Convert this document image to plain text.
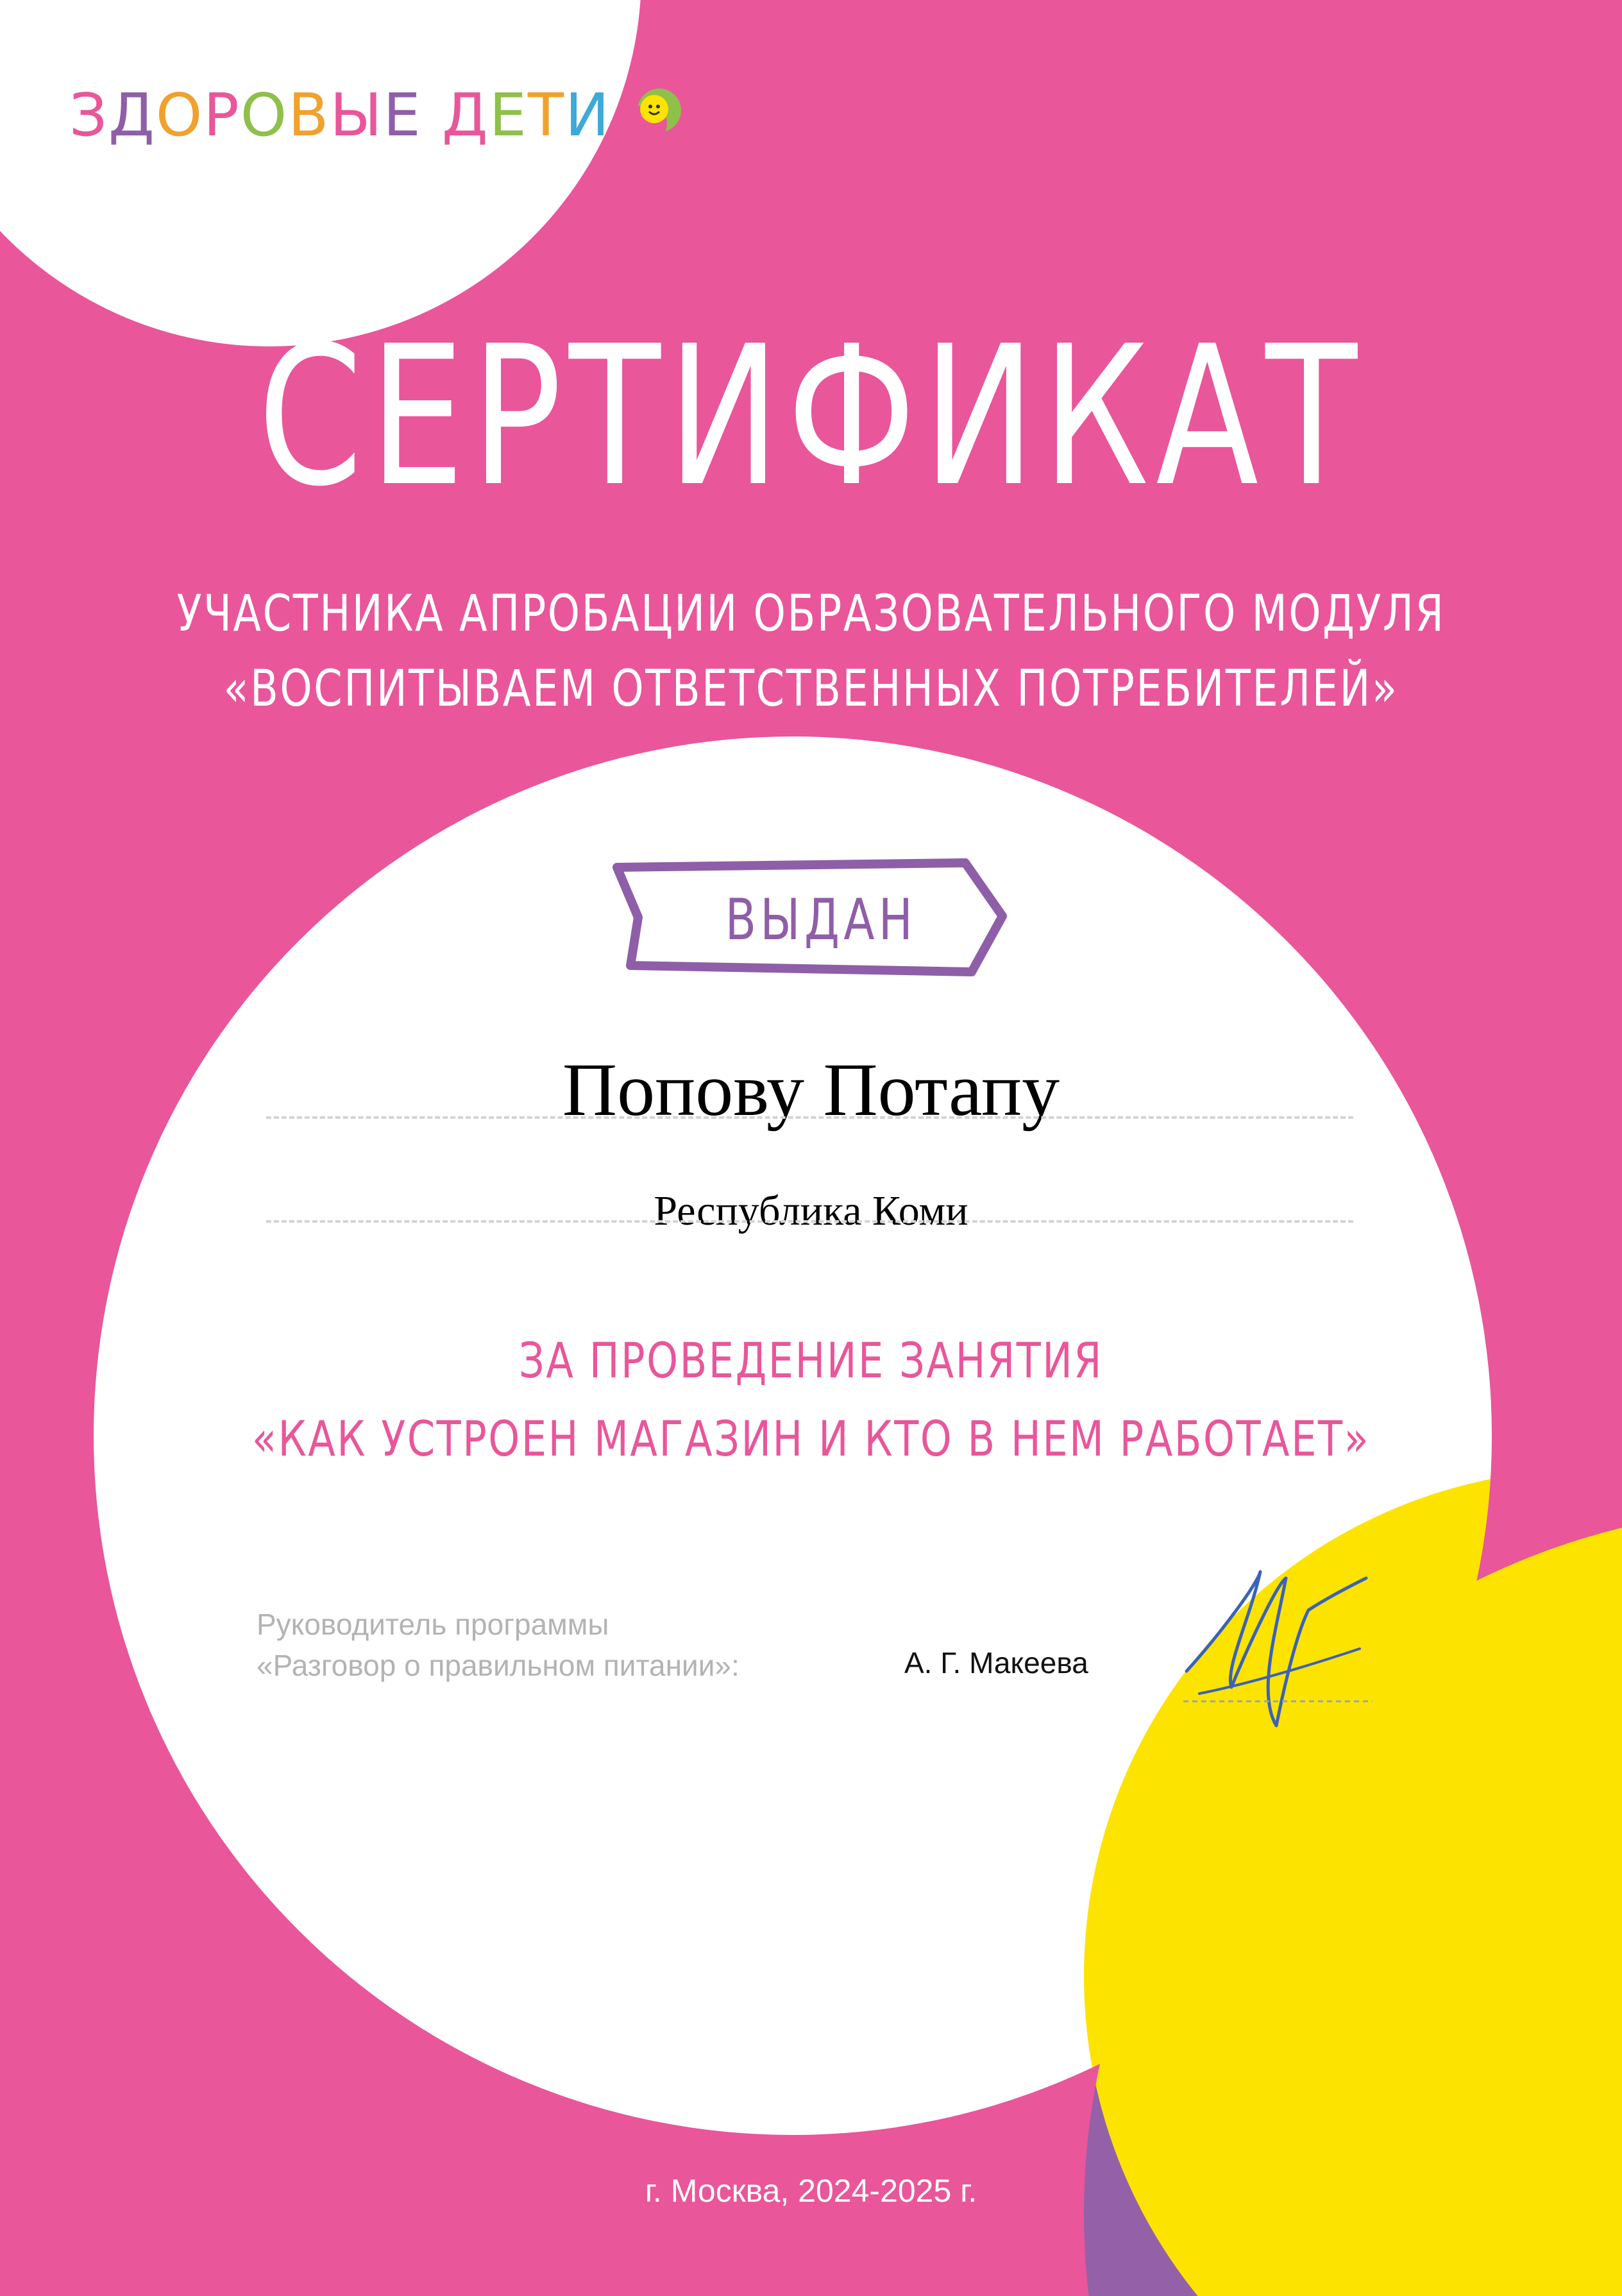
ЗДОРОВЫЕ ДЕТИ
СЕРТИФИКАТ
УЧАСТНИКА АПРОБАЦИИ ОБРАЗОВАТЕЛЬНОГО МОДУЛЯ
«ВОСПИТЫВАЕМ ОТВЕТСТВЕННЫХ ПОТРЕБИТЕЛЕЙ»
ВЫДАН
Попову Потапу
Республика Коми
ЗА ПРОВЕДЕНИЕ ЗАНЯТИЯ
«КАК УСТРОЕН МАГАЗИН И КТО В НЕМ РАБОТАЕТ»
Руководитель программы
«Разговор о правильном питании»:	А. Г. Макеева
г. Москва, 2024-2025 г.
